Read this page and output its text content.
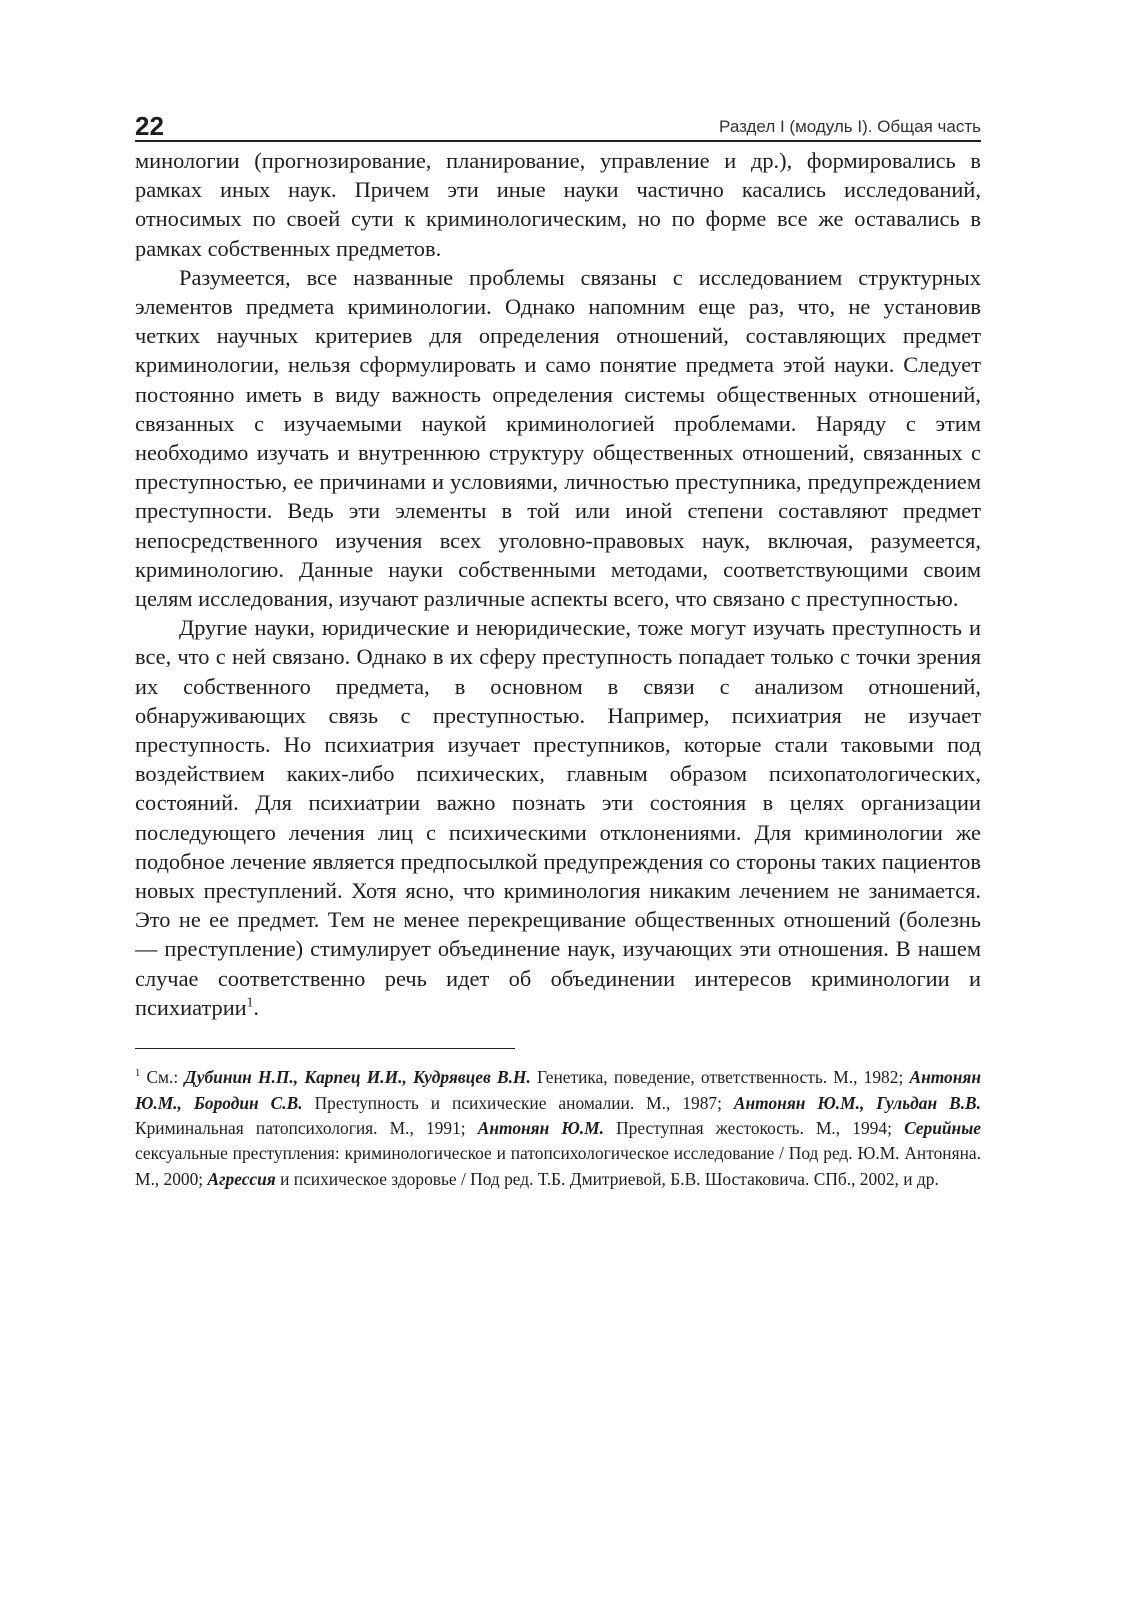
22	Раздел I (модуль I). Общая часть

минологии (прогнозирование, планирование, управление и др.), формировались в рамках иных наук. Причем эти иные науки частично касались исследований, относимых по своей сути к криминологическим, но по форме все же оставались в рамках собственных предметов.

Разумеется, все названные проблемы связаны с исследованием структурных элементов предмета криминологии. Однако напомним еще раз, что, не установив четких научных критериев для определения отношений, составляющих предмет криминологии, нельзя сформулировать и само понятие предмета этой науки. Следует постоянно иметь в виду важность определения системы общественных отношений, связанных с изучаемыми наукой криминологией проблемами. Наряду с этим необходимо изучать и внутреннюю структуру общественных отношений, связанных с преступностью, ее причинами и условиями, личностью преступника, предупреждением преступности. Ведь эти элементы в той или иной степени составляют предмет непосредственного изучения всех уголовно-правовых наук, включая, разумеется, криминологию. Данные науки собственными методами, соответствующими своим целям исследования, изучают различные аспекты всего, что связано с преступностью.

Другие науки, юридические и неюридические, тоже могут изучать преступность и все, что с ней связано. Однако в их сферу преступность попадает только с точки зрения их собственного предмета, в основном в связи с анализом отношений, обнаруживающих связь с преступностью. Например, психиатрия не изучает преступность. Но психиатрия изучает преступников, которые стали таковыми под воздействием каких-либо психических, главным образом психопатологических, состояний. Для психиатрии важно познать эти состояния в целях организации последующего лечения лиц с психическими отклонениями. Для криминологии же подобное лечение является предпосылкой предупреждения со стороны таких пациентов новых преступлений. Хотя ясно, что криминология никаким лечением не занимается. Это не ее предмет. Тем не менее перекрещивание общественных отношений (болезнь — преступление) стимулирует объединение наук, изучающих эти отношения. В нашем случае соответственно речь идет об объединении интересов криминологии и психиатрии$^1$.

$^1$ См.: Дубинин Н.П., Карпец И.И., Кудрявцев В.Н. Генетика, поведение, ответственность. М., 1982; Антонян Ю.М., Бородин С.В. Преступность и психические аномалии. М., 1987; Антонян Ю.М., Гульдан В.В. Криминальная патопсихология. М., 1991; Антонян Ю.М. Преступная жестокость. М., 1994; Серийные сексуальные преступления: криминологическое и патопсихологическое исследование / Под ред. Ю.М. Антоняна. М., 2000; Агрессия и психическое здоровье / Под ред. Т.Б. Дмитриевой, Б.В. Шостаковича. СПб., 2002, и др.
